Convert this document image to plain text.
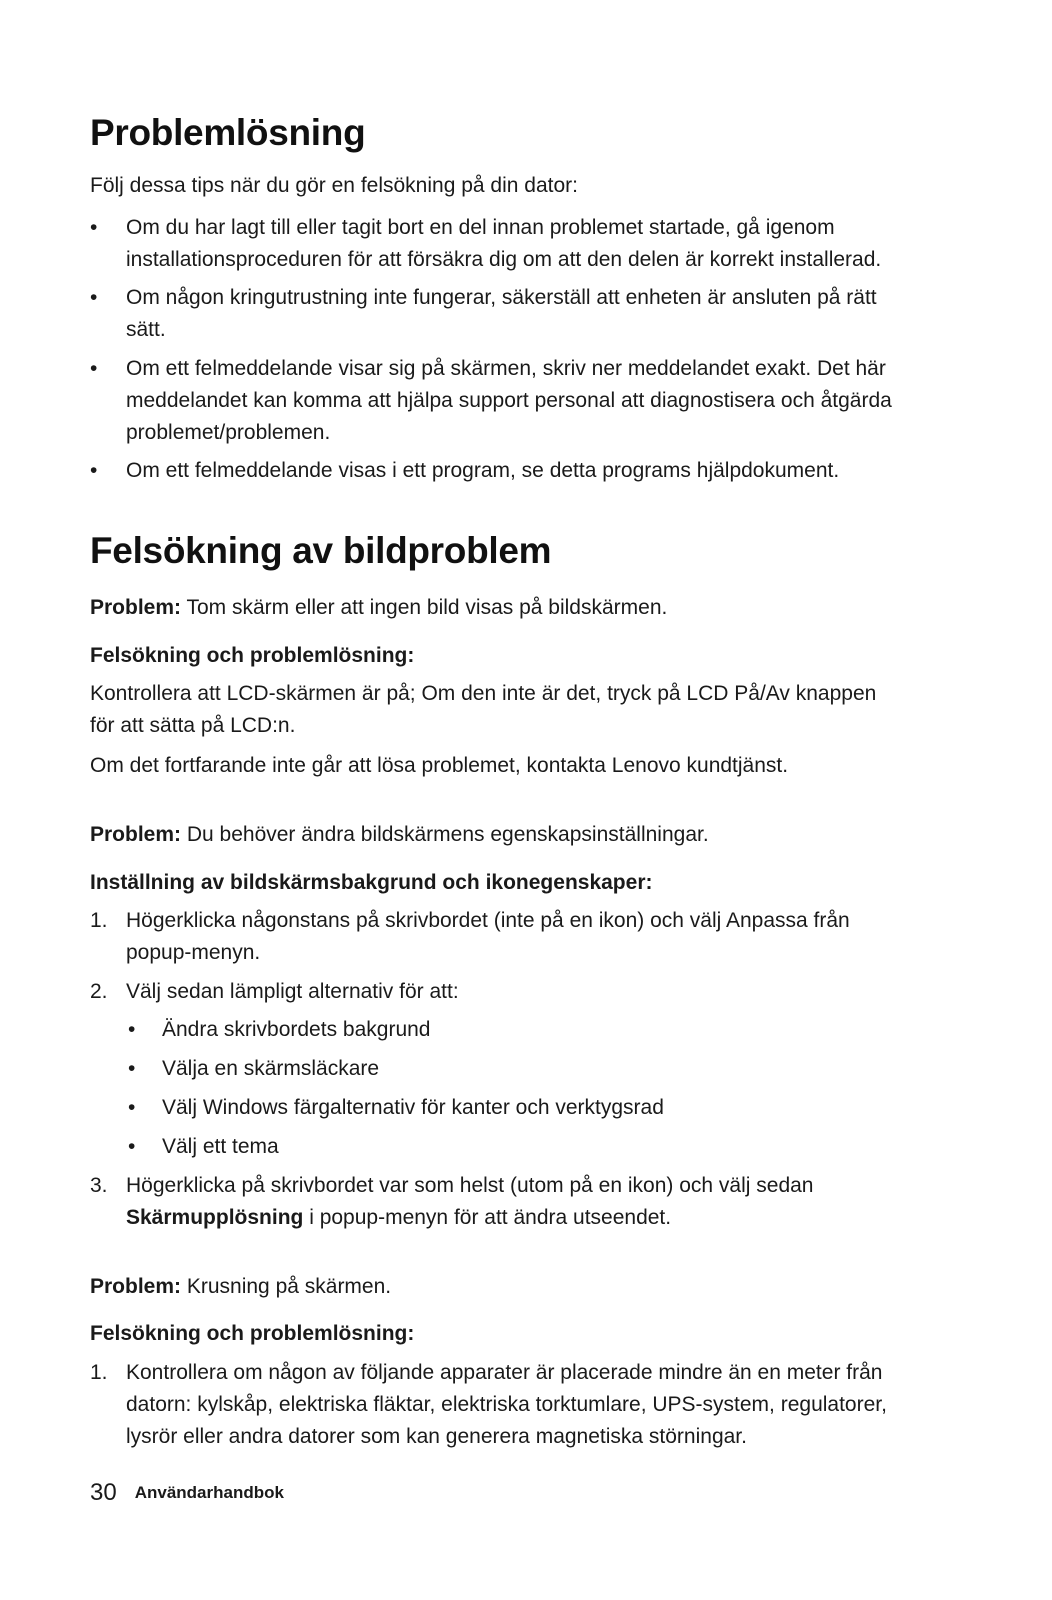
Problemlösning

Följ dessa tips när du gör en felsökning på din dator:

•	Om du har lagt till eller tagit bort en del innan problemet startade, gå igenom installationsproceduren för att försäkra dig om att den delen är korrekt installerad.
•	Om någon kringutrustning inte fungerar, säkerställ att enheten är ansluten på rätt sätt.
•	Om ett felmeddelande visar sig på skärmen, skriv ner meddelandet exakt. Det här meddelandet kan komma att hjälpa support personal att diagnostisera och åtgärda problemet/problemen.
•	Om ett felmeddelande visas i ett program, se detta programs hjälpdokument.
Felsökning av bildproblem

Problem: Tom skärm eller att ingen bild visas på bildskärmen.

Felsökning och problemlösning:

Kontrollera att LCD-skärmen är på; Om den inte är det, tryck på LCD På/Av knappen för att sätta på LCD:n.

Om det fortfarande inte går att lösa problemet, kontakta Lenovo kundtjänst.

Problem: Du behöver ändra bildskärmens egenskapsinställningar.

Inställning av bildskärmsbakgrund och ikonegenskaper:

1. Högerklicka någonstans på skrivbordet (inte på en ikon) och välj Anpassa från popup-menyn.
2. Välj sedan lämpligt alternativ för att:
• Ändra skrivbordets bakgrund
• Välja en skärmsläckare
• Välj Windows färgalternativ för kanter och verktygsrad
• Välj ett tema
3. Högerklicka på skrivbordet var som helst (utom på en ikon) och välj sedan Skärmupplösning i popup-menyn för att ändra utseendet.

Problem: Krusning på skärmen.

Felsökning och problemlösning:

1. Kontrollera om någon av följande apparater är placerade mindre än en meter från datorn: kylskåp, elektriska fläktar, elektriska torktumlare, UPS-system, regulatorer, lysrör eller andra datorer som kan generera magnetiska störningar.
30 Användarhandbok
